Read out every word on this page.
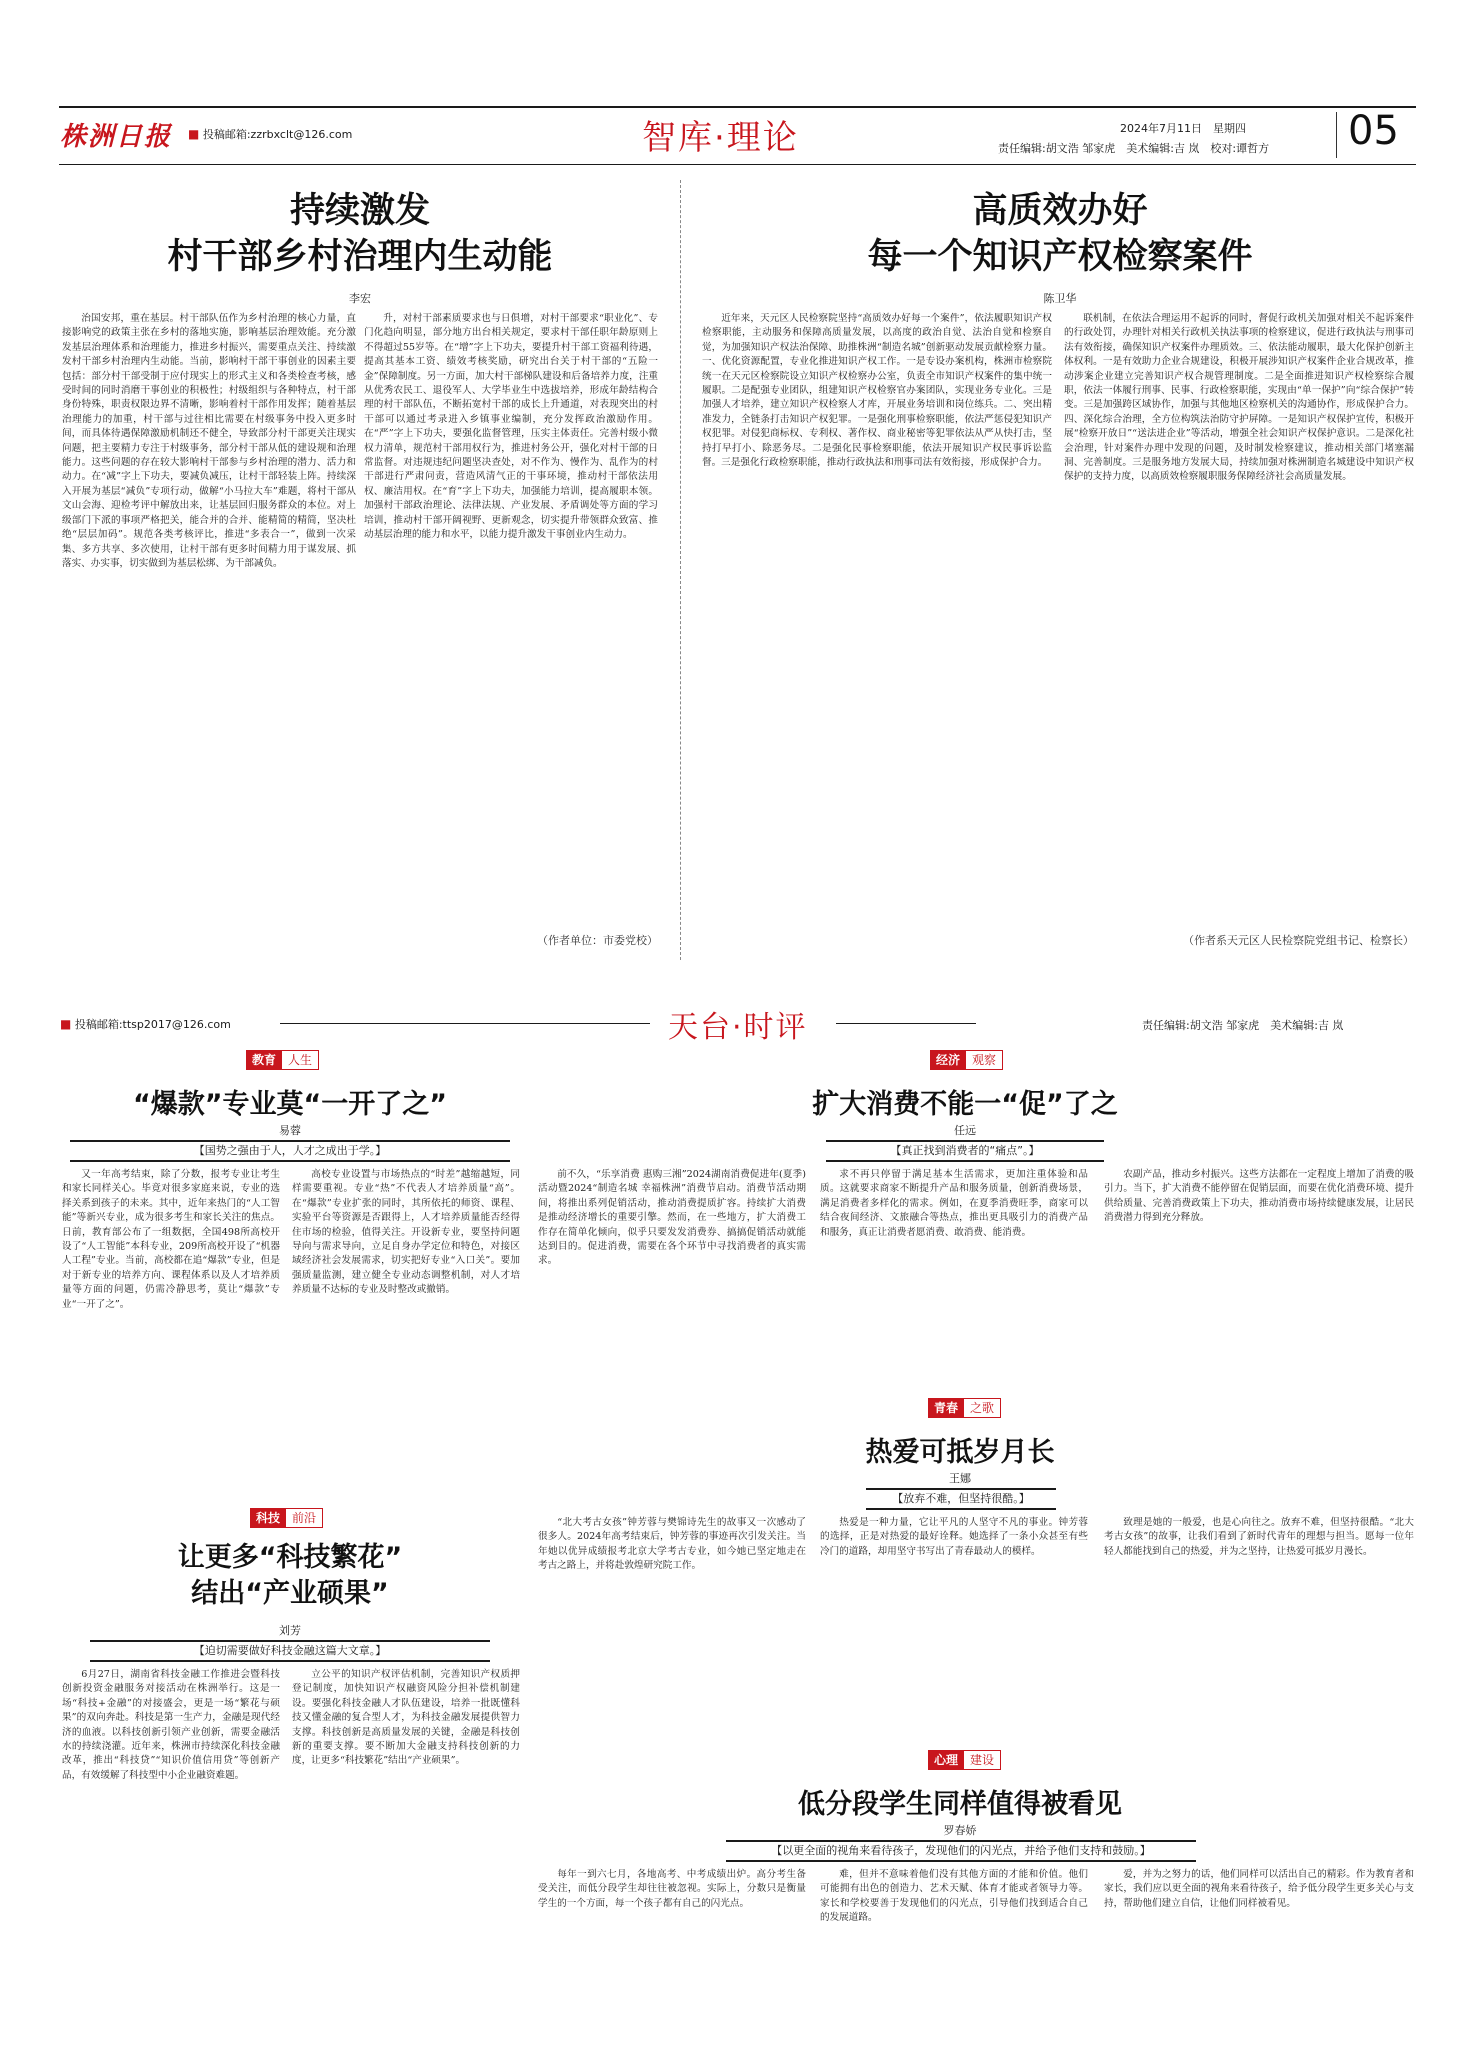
株洲日报 ■ 投稿邮箱:zzrbxclt@126.com	智库·理论	2024年7月11日　星期四
责任编辑:胡文浩 邹家虎　美术编辑:吉 岚　校对:谭哲方 05
持续激发
村干部乡村治理内生动能
李宏
治国安邦，重在基层。村干部队伍作为乡村治理的核心力量，直接影响党的政策主张在乡村的落地实施，影响基层治理效能。充分激发基层治理体系和治理能力，推进乡村振兴，需要重点关注、持续激发村干部乡村治理内生动能。当前，影响村干部干事创业的因素主要包括：部分村干部受制于应付现实上的形式主义和各类检查考核，感受时间的同时消磨干事创业的积极性；村级组织与各种特点，村干部身份特殊，职责权限边界不清晰，影响着村干部作用发挥；随着基层治理能力的加重，村干部与过往相比需要在村级事务中投入更多时间，而具体待遇保障激励机制还不健全，导致部分村干部更关注现实问题，把主要精力专注于村级事务，部分村干部从低的建设规和治理能力。这些问题的存在较大影响村干部参与乡村治理的潜力、活力和动力。在“减”字上下功夫，要减负减压，让村干部轻装上阵。持续深入开展为基层“减负”专项行动，做解“小马拉大车”难题，将村干部从文山会海、迎检考评中解放出来，让基层回归服务群众的本位。对上级部门下派的事项严格把关，能合并的合并、能精简的精简，坚决杜绝“层层加码”。规范各类考核评比，推进“多表合一”，做到一次采集、多方共享、多次使用，让村干部有更多时间精力用于谋发展、抓落实、办实事，切实做到为基层松绑、为干部减负。
升，对村干部素质要求也与日俱增，对村干部要求“职业化”、专门化趋向明显，部分地方出台相关规定，要求村干部任职年龄原则上不得超过55岁等。在“增”字上下功夫，要提升村干部工资福利待遇，提高其基本工资、绩效考核奖励，研究出台关于村干部的“五险一金”保障制度。另一方面，加大村干部梯队建设和后备培养力度，注重从优秀农民工、退役军人、大学毕业生中选拔培养，形成年龄结构合理的村干部队伍，不断拓宽村干部的成长上升通道，对表现突出的村干部可以通过考录进入乡镇事业编制，充分发挥政治激励作用。在“严”字上下功夫，要强化监督管理，压实主体责任。完善村级小微权力清单，规范村干部用权行为，推进村务公开，强化对村干部的日常监督。对违规违纪问题坚决查处，对不作为、慢作为、乱作为的村干部进行严肃问责，营造风清气正的干事环境，推动村干部依法用权、廉洁用权。在“育”字上下功夫，加强能力培训，提高履职本领。加强村干部政治理论、法律法规、产业发展、矛盾调处等方面的学习培训，推动村干部开阔视野、更新观念，切实提升带领群众致富、推动基层治理的能力和水平，以能力提升激发干事创业内生动力。
（作者单位：市委党校）
高质效办好
每一个知识产权检察案件
陈卫华
近年来，天元区人民检察院坚持“高质效办好每一个案件”，依法履职知识产权检察职能，主动服务和保障高质量发展，以高度的政治自觉、法治自觉和检察自觉，为加强知识产权法治保障、助推株洲“制造名城”创新驱动发展贡献检察力量。一、优化资源配置，专业化推进知识产权工作。一是专设办案机构，株洲市检察院统一在天元区检察院设立知识产权检察办公室，负责全市知识产权案件的集中统一履职。二是配强专业团队，组建知识产权检察官办案团队，实现业务专业化。三是加强人才培养，建立知识产权检察人才库，开展业务培训和岗位练兵。二、突出精准发力，全链条打击知识产权犯罪。一是强化刑事检察职能，依法严惩侵犯知识产权犯罪。对侵犯商标权、专利权、著作权、商业秘密等犯罪依法从严从快打击，坚持打早打小、除恶务尽。二是强化民事检察职能，依法开展知识产权民事诉讼监督。三是强化行政检察职能，推动行政执法和刑事司法有效衔接，形成保护合力。
联机制，在依法合理运用不起诉的同时，督促行政机关加强对相关不起诉案件的行政处罚，办理针对相关行政机关执法事项的检察建议，促进行政执法与刑事司法有效衔接，确保知识产权案件办理质效。三、依法能动履职，最大化保护创新主体权利。一是有效助力企业合规建设，积极开展涉知识产权案件企业合规改革，推动涉案企业建立完善知识产权合规管理制度。二是全面推进知识产权检察综合履职，依法一体履行刑事、民事、行政检察职能，实现由“单一保护”向“综合保护”转变。三是加强跨区域协作，加强与其他地区检察机关的沟通协作，形成保护合力。四、深化综合治理，全方位构筑法治防守护屏障。一是知识产权保护宣传，积极开展“检察开放日”“送法进企业”等活动，增强全社会知识产权保护意识。二是深化社会治理，针对案件办理中发现的问题，及时制发检察建议，推动相关部门堵塞漏洞、完善制度。三是服务地方发展大局，持续加强对株洲制造名城建设中知识产权保护的支持力度，以高质效检察履职服务保障经济社会高质量发展。
（作者系天元区人民检察院党组书记、检察长）
■ 投稿邮箱:ttsp2017@126.com	天台·时评	责任编辑:胡文浩 邹家虎　美术编辑:吉 岚
教育	人生
“爆款”专业莫“一开了之”
易蓉
【国势之强由于人，人才之成出于学。】
又一年高考结束，除了分数，报考专业让考生和家长同样关心。毕竟对很多家庭来说，专业的选择关系到孩子的未来。其中，近年来热门的“人工智能”等新兴专业，成为很多考生和家长关注的焦点。日前，教育部公布了一组数据，全国498所高校开设了“人工智能”本科专业，209所高校开设了“机器人工程”专业。当前，高校都在追“爆款”专业，但是对于新专业的培养方向、课程体系以及人才培养质量等方面的问题，仍需冷静思考，莫让“爆款”专业“一开了之”。
高校专业设置与市场热点的“时差”越缩越短，同样需要重视。专业“热”不代表人才培养质量“高”。在“爆款”专业扩张的同时，其所依托的师资、课程、实验平台等资源是否跟得上，人才培养质量能否经得住市场的检验，值得关注。开设新专业，要坚持问题导向与需求导向，立足自身办学定位和特色，对接区域经济社会发展需求，切实把好专业“入口关”。要加强质量监测，建立健全专业动态调整机制，对人才培养质量不达标的专业及时整改或撤销。
经济	观察
扩大消费不能一“促”了之
任远
【真正找到消费者的“痛点”。】
前不久，“乐享消费 惠购三湘”2024湖南消费促进年(夏季)活动暨2024“制造名城 幸福株洲”消费节启动。消费节活动期间，将推出系列促销活动，推动消费提质扩容。持续扩大消费是推动经济增长的重要引擎。然而，在一些地方，扩大消费工作存在简单化倾向，似乎只要发发消费券、搞搞促销活动就能达到目的。促进消费，需要在各个环节中寻找消费者的真实需求。
求不再只停留于满足基本生活需求，更加注重体验和品质。这就要求商家不断提升产品和服务质量，创新消费场景，满足消费者多样化的需求。例如，在夏季消费旺季，商家可以结合夜间经济、文旅融合等热点，推出更具吸引力的消费产品和服务，真正让消费者愿消费、敢消费、能消费。
农副产品，推动乡村振兴。这些方法都在一定程度上增加了消费的吸引力。当下，扩大消费不能停留在促销层面，而要在优化消费环境、提升供给质量、完善消费政策上下功夫，推动消费市场持续健康发展，让居民消费潜力得到充分释放。
科技	前沿
让更多“科技繁花”
结出“产业硕果”
刘芳
【迫切需要做好科技金融这篇大文章。】
6月27日，湖南省科技金融工作推进会暨科技创新投资金融服务对接活动在株洲举行。这是一场“科技+金融”的对接盛会，更是一场“繁花与硕果”的双向奔赴。科技是第一生产力，金融是现代经济的血液。以科技创新引领产业创新，需要金融活水的持续浇灌。近年来，株洲市持续深化科技金融改革，推出“科技贷”“知识价值信用贷”等创新产品，有效缓解了科技型中小企业融资难题。
立公平的知识产权评估机制，完善知识产权质押登记制度，加快知识产权融资风险分担补偿机制建设。要强化科技金融人才队伍建设，培养一批既懂科技又懂金融的复合型人才，为科技金融发展提供智力支撑。科技创新是高质量发展的关键，金融是科技创新的重要支撑。要不断加大金融支持科技创新的力度，让更多“科技繁花”结出“产业硕果”。
青春	之歌
热爱可抵岁月长
王娜
【放弃不难，但坚持很酷。】
“北大考古女孩”钟芳蓉与樊锦诗先生的故事又一次感动了很多人。2024年高考结束后，钟芳蓉的事迹再次引发关注。当年她以优异成绩报考北京大学考古专业，如今她已坚定地走在考古之路上，并将赴敦煌研究院工作。
热爱是一种力量，它让平凡的人坚守不凡的事业。钟芳蓉的选择，正是对热爱的最好诠释。她选择了一条小众甚至有些冷门的道路，却用坚守书写出了青春最动人的模样。
致理是她的一般爱，也是心向往之。放弃不难，但坚持很酷。“北大考古女孩”的故事，让我们看到了新时代青年的理想与担当。愿每一位年轻人都能找到自己的热爱，并为之坚持，让热爱可抵岁月漫长。
心理	建设
低分段学生同样值得被看见
罗春娇
【以更全面的视角来看待孩子，发现他们的闪光点，并给予他们支持和鼓励。】
每年一到六七月，各地高考、中考成绩出炉。高分考生备受关注，而低分段学生却往往被忽视。实际上，分数只是衡量学生的一个方面，每一个孩子都有自己的闪光点。
难，但并不意味着他们没有其他方面的才能和价值。他们可能拥有出色的创造力、艺术天赋、体育才能或者领导力等。家长和学校要善于发现他们的闪光点，引导他们找到适合自己的发展道路。
爱，并为之努力的话，他们同样可以活出自己的精彩。作为教育者和家长，我们应以更全面的视角来看待孩子，给予低分段学生更多关心与支持，帮助他们建立自信，让他们同样被看见。
